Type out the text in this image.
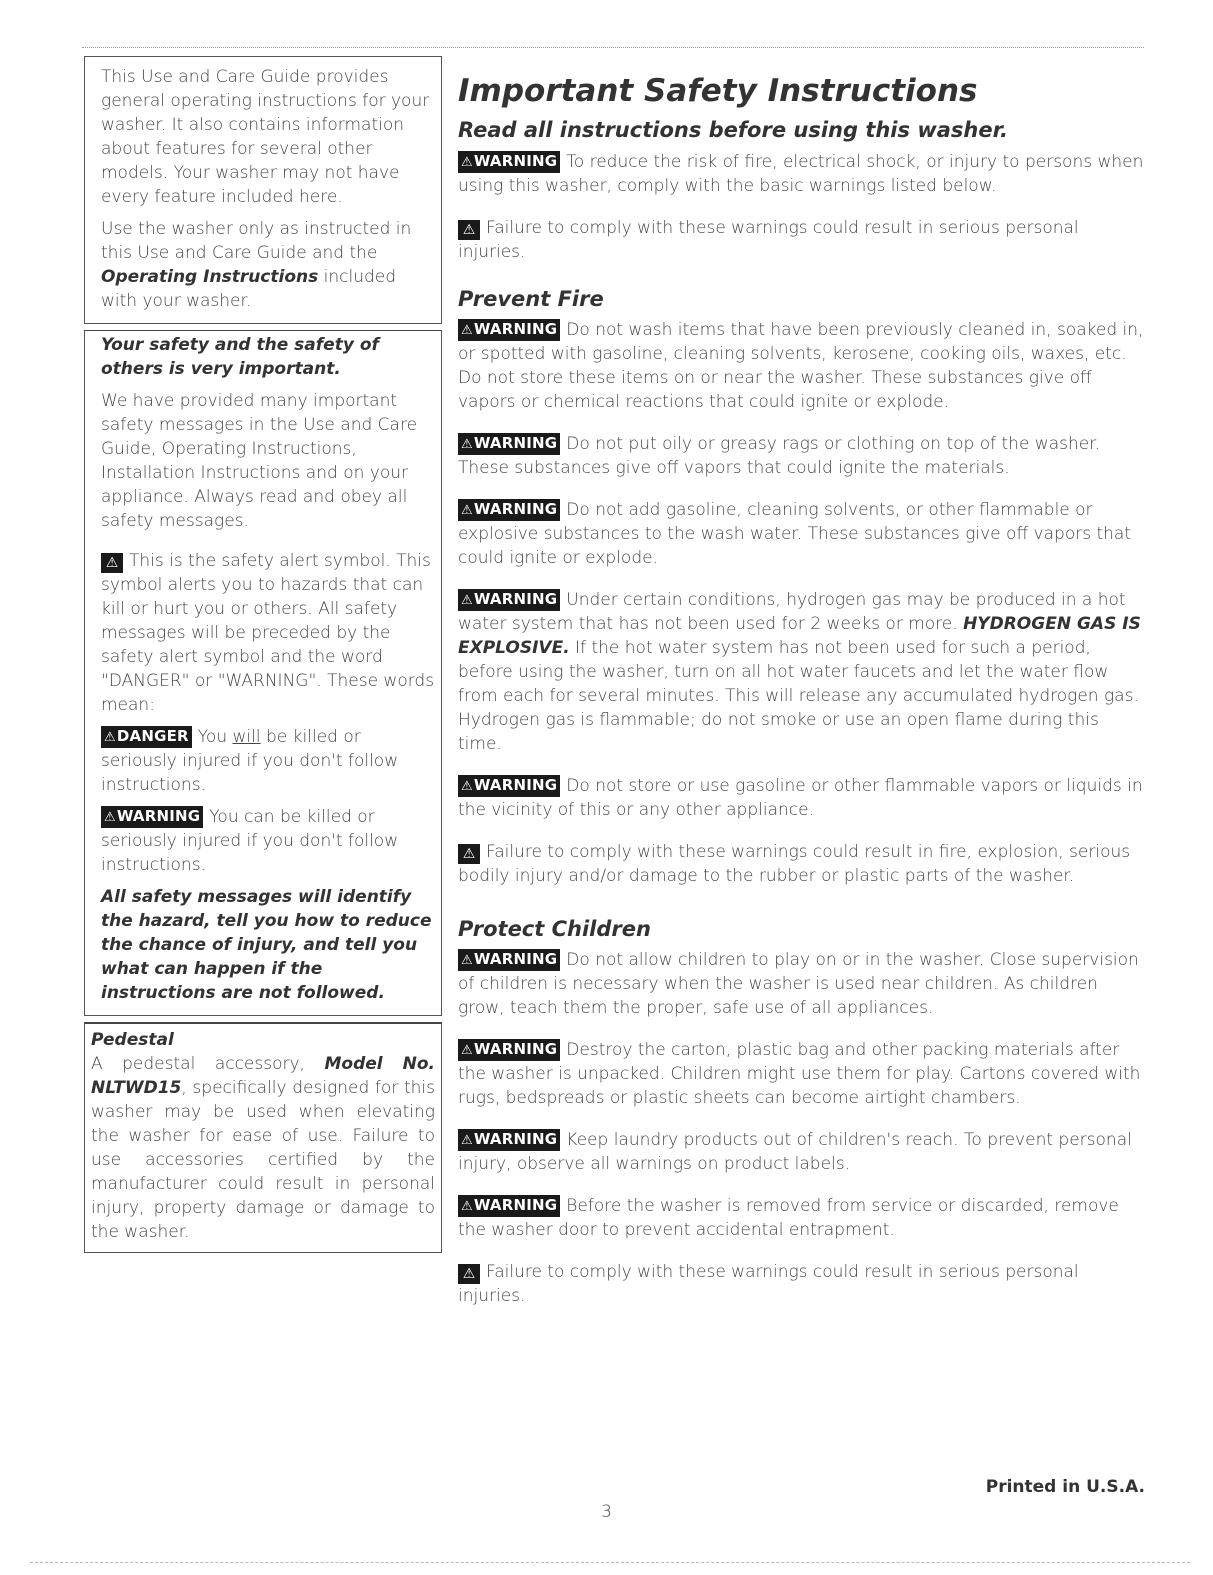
This Use and Care Guide provides general operating instructions for your washer. It also contains information about features for several other models. Your washer may not have every feature included here.

Use the washer only as instructed in this Use and Care Guide and the Operating Instructions included with your washer.

Your safety and the safety of others is very important.

We have provided many important safety messages in the Use and Care Guide, Operating Instructions, Installation Instructions and on your appliance. Always read and obey all safety messages.

⚠ This is the safety alert symbol. This symbol alerts you to hazards that can kill or hurt you or others. All safety messages will be preceded by the safety alert symbol and the word "DANGER" or "WARNING". These words mean:

⚠DANGER You will be killed or seriously injured if you don't follow instructions.

⚠WARNING You can be killed or seriously injured if you don't follow instructions.

All safety messages will identify the hazard, tell you how to reduce the chance of injury, and tell you what can happen if the instructions are not followed.

Pedestal

A pedestal accessory, Model No. NLTWD15, specifically designed for this washer may be used when elevating the washer for ease of use. Failure to use accessories certified by the manufacturer could result in personal injury, property damage or damage to the washer.

Important Safety Instructions
Read all instructions before using this washer.

⚠WARNING To reduce the risk of fire, electrical shock, or injury to persons when using this washer, comply with the basic warnings listed below.

⚠ Failure to comply with these warnings could result in serious personal injuries.

Prevent Fire

⚠WARNING Do not wash items that have been previously cleaned in, soaked in, or spotted with gasoline, cleaning solvents, kerosene, cooking oils, waxes, etc. Do not store these items on or near the washer. These substances give off vapors or chemical reactions that could ignite or explode.

⚠WARNING Do not put oily or greasy rags or clothing on top of the washer. These substances give off vapors that could ignite the materials.

⚠WARNING Do not add gasoline, cleaning solvents, or other flammable or explosive substances to the wash water. These substances give off vapors that could ignite or explode.

⚠WARNING Under certain conditions, hydrogen gas may be produced in a hot water system that has not been used for 2 weeks or more. HYDROGEN GAS IS EXPLOSIVE. If the hot water system has not been used for such a period, before using the washer, turn on all hot water faucets and let the water flow from each for several minutes. This will release any accumulated hydrogen gas. Hydrogen gas is flammable; do not smoke or use an open flame during this time.

⚠WARNING Do not store or use gasoline or other flammable vapors or liquids in the vicinity of this or any other appliance.

⚠ Failure to comply with these warnings could result in fire, explosion, serious bodily injury and/or damage to the rubber or plastic parts of the washer.

Protect Children

⚠WARNING Do not allow children to play on or in the washer. Close supervision of children is necessary when the washer is used near children. As children grow, teach them the proper, safe use of all appliances.

⚠WARNING Destroy the carton, plastic bag and other packing materials after the washer is unpacked. Children might use them for play. Cartons covered with rugs, bedspreads or plastic sheets can become airtight chambers.

⚠WARNING Keep laundry products out of children's reach. To prevent personal injury, observe all warnings on product labels.

⚠WARNING Before the washer is removed from service or discarded, remove the washer door to prevent accidental entrapment.

⚠ Failure to comply with these warnings could result in serious personal injuries.

Printed in U.S.A.
3
